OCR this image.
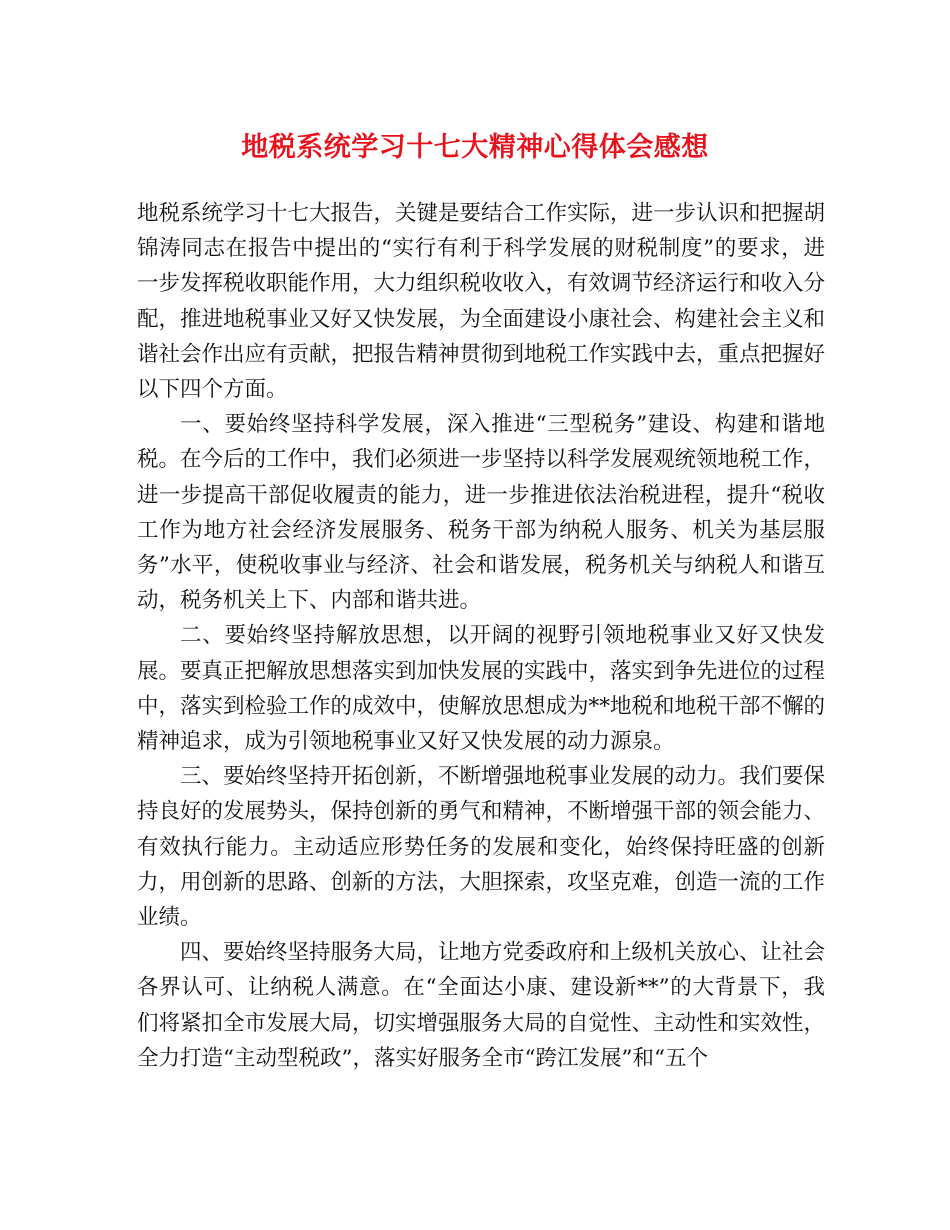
地税系统学习十七大精神心得体会感想

地税系统学习十七大报告，关键是要结合工作实际，进一步认识和把握胡锦涛同志在报告中提出的“实行有利于科学发展的财税制度”的要求，进一步发挥税收职能作用，大力组织税收收入，有效调节经济运行和收入分配，推进地税事业又好又快发展，为全面建设小康社会、构建社会主义和谐社会作出应有贡献，把报告精神贯彻到地税工作实践中去，重点把握好以下四个方面。

一、要始终坚持科学发展，深入推进“三型税务”建设、构建和谐地税。在今后的工作中，我们必须进一步坚持以科学发展观统领地税工作，进一步提高干部促收履责的能力，进一步推进依法治税进程，提升“税收工作为地方社会经济发展服务、税务干部为纳税人服务、机关为基层服务”水平，使税收事业与经济、社会和谐发展，税务机关与纳税人和谐互动，税务机关上下、内部和谐共进。

二、要始终坚持解放思想，以开阔的视野引领地税事业又好又快发展。要真正把解放思想落实到加快发展的实践中，落实到争先进位的过程中，落实到检验工作的成效中，使解放思想成为**地税和地税干部不懈的精神追求，成为引领地税事业又好又快发展的动力源泉。

三、要始终坚持开拓创新，不断增强地税事业发展的动力。我们要保持良好的发展势头，保持创新的勇气和精神，不断增强干部的领会能力、有效执行能力。主动适应形势任务的发展和变化，始终保持旺盛的创新力，用创新的思路、创新的方法，大胆探索，攻坚克难，创造一流的工作业绩。

四、要始终坚持服务大局，让地方党委政府和上级机关放心、让社会各界认可、让纳税人满意。在“全面达小康、建设新**”的大背景下，我们将紧扣全市发展大局，切实增强服务大局的自觉性、主动性和实效性，全力打造“主动型税政”，落实好服务全市“跨江发展”和“五个
